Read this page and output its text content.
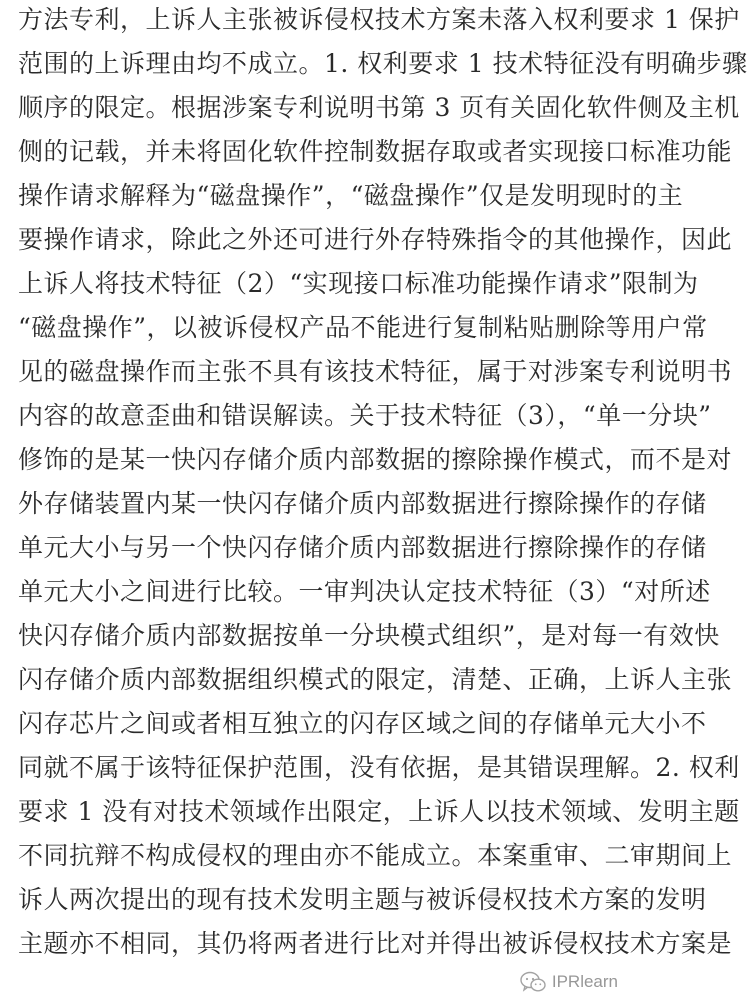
方法专利，上诉人主张被诉侵权技术方案未落入权利要求 1 保护
范围的上诉理由均不成立。1. 权利要求 1 技术特征没有明确步骤
顺序的限定。根据涉案专利说明书第 3 页有关固化软件侧及主机
侧的记载，并未将固化软件控制数据存取或者实现接口标准功能
操作请求解释为“磁盘操作”，“磁盘操作”仅是发明现时的主
要操作请求，除此之外还可进行外存特殊指令的其他操作，因此
上诉人将技术特征（2）“实现接口标准功能操作请求”限制为
“磁盘操作”，以被诉侵权产品不能进行复制粘贴删除等用户常
见的磁盘操作而主张不具有该技术特征，属于对涉案专利说明书
内容的故意歪曲和错误解读。关于技术特征（3），“单一分块”
修饰的是某一快闪存储介质内部数据的擦除操作模式，而不是对
外存储装置内某一快闪存储介质内部数据进行擦除操作的存储
单元大小与另一个快闪存储介质内部数据进行擦除操作的存储
单元大小之间进行比较。一审判决认定技术特征（3）“对所述
快闪存储介质内部数据按单一分块模式组织”，是对每一有效快
闪存储介质内部数据组织模式的限定，清楚、正确，上诉人主张
闪存芯片之间或者相互独立的闪存区域之间的存储单元大小不
同就不属于该特征保护范围，没有依据，是其错误理解。2. 权利
要求 1 没有对技术领域作出限定，上诉人以技术领域、发明主题
不同抗辩不构成侵权的理由亦不能成立。本案重审、二审期间上
诉人两次提出的现有技术发明主题与被诉侵权技术方案的发明
主题亦不相同，其仍将两者进行比对并得出被诉侵权技术方案是
IPRlearn
